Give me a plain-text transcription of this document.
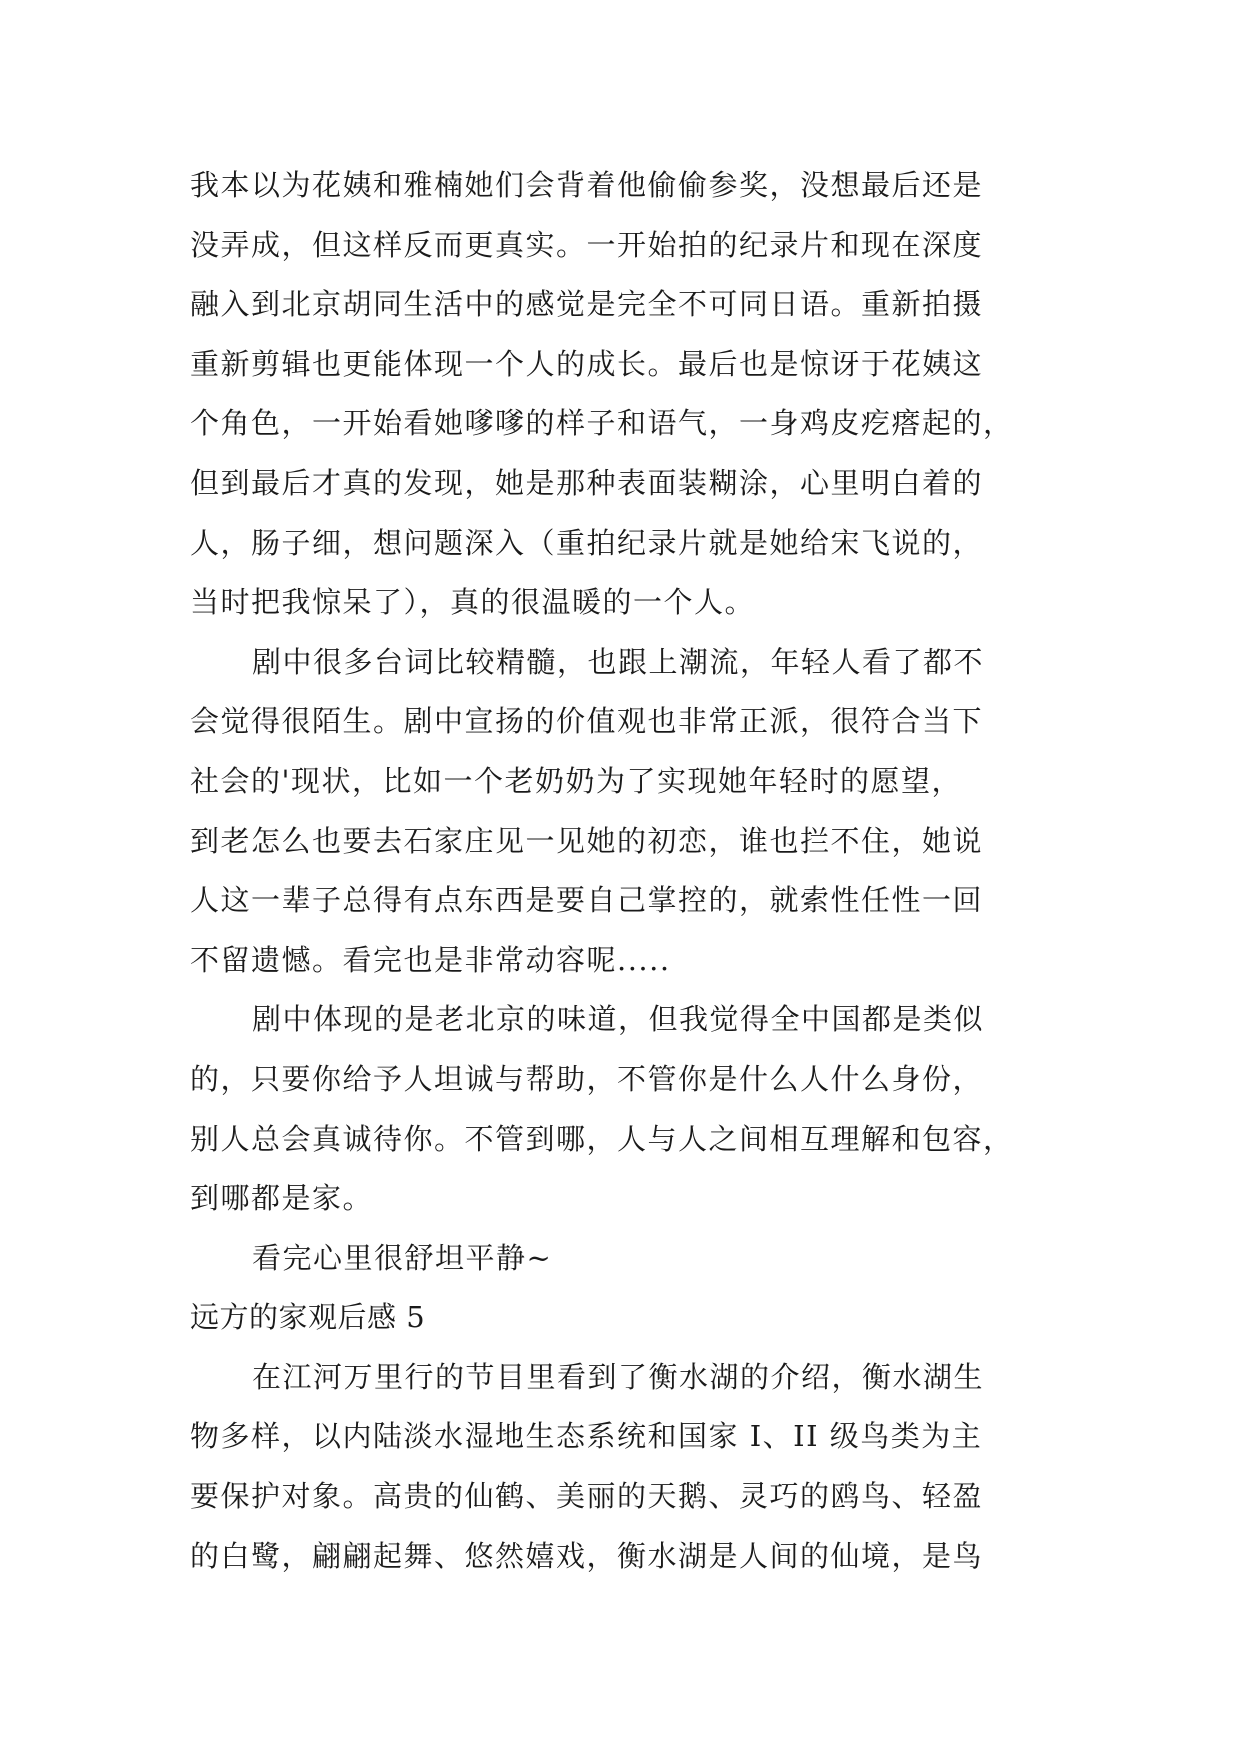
我本以为花姨和雅楠她们会背着他偷偷参奖，没想最后还是
没弄成，但这样反而更真实。一开始拍的纪录片和现在深度
融入到北京胡同生活中的感觉是完全不可同日语。重新拍摄
重新剪辑也更能体现一个人的成长。最后也是惊讶于花姨这
个角色，一开始看她嗲嗲的样子和语气，一身鸡皮疙瘩起的，
但到最后才真的发现，她是那种表面装糊涂，心里明白着的
人，肠子细，想问题深入（重拍纪录片就是她给宋飞说的，
当时把我惊呆了），真的很温暖的一个人。
剧中很多台词比较精髓，也跟上潮流，年轻人看了都不
会觉得很陌生。剧中宣扬的价值观也非常正派，很符合当下
社会的'现状，比如一个老奶奶为了实现她年轻时的愿望，
到老怎么也要去石家庄见一见她的初恋，谁也拦不住，她说
人这一辈子总得有点东西是要自己掌控的，就索性任性一回
不留遗憾。看完也是非常动容呢.....
剧中体现的是老北京的味道，但我觉得全中国都是类似
的，只要你给予人坦诚与帮助，不管你是什么人什么身份，
别人总会真诚待你。不管到哪，人与人之间相互理解和包容，
到哪都是家。
看完心里很舒坦平静~
远方的家观后感 5
在江河万里行的节目里看到了衡水湖的介绍，衡水湖生
物多样，以内陆淡水湿地生态系统和国家 I、II 级鸟类为主
要保护对象。高贵的仙鹤、美丽的天鹅、灵巧的鸥鸟、轻盈
的白鹭，翩翩起舞、悠然嬉戏，衡水湖是人间的仙境，是鸟
